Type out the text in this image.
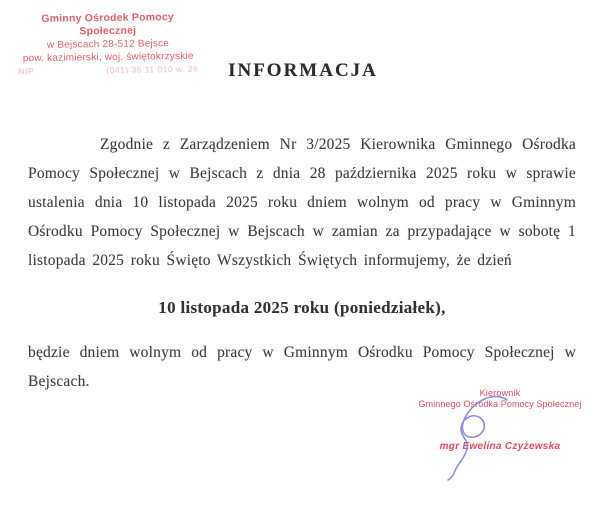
Gminny Ośrodek Pomocy Społecznej
w Bejscach 28-512 Bejsce
pow. kazimierski, woj. świętokrzyskie
NIP	(041) 35 11 010 w. 26	INFORMACJA

Zgodnie z Zarządzeniem Nr 3/2025 Kierownika Gminnego Ośrodka Pomocy Społecznej w Bejscach z dnia 28 października 2025 roku w sprawie ustalenia dnia 10 listopada 2025 roku dniem wolnym od pracy w Gminnym Ośrodku Pomocy Społecznej w Bejscach w zamian za przypadające w sobotę 1 listopada 2025 roku Święto Wszystkich Świętych informujemy, że dzień

10 listopada 2025 roku (poniedziałek),

będzie dniem wolnym od pracy w Gminnym Ośrodku Pomocy Społecznej w Bejscach.

Kierownik
Gminnego Ośrodka Pomocy Społecznej
mgr Ewelina Czyżewska
